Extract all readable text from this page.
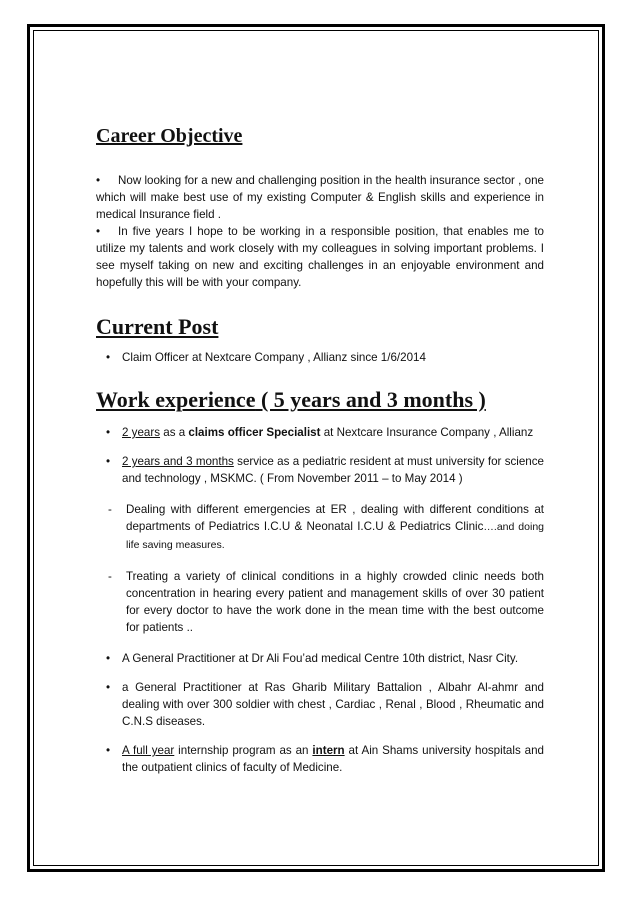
Career Objective

• Now looking for a new and challenging position in the health insurance sector , one which will make best use of my existing Computer & English skills and experience in medical Insurance field .

• In five years I hope to be working in a responsible position, that enables me to utilize my talents and work closely with my colleagues in solving important problems. I see myself taking on new and exciting challenges in an enjoyable environment and hopefully this will be with your company.

Current Post
• Claim Officer at Nextcare Company , Allianz since 1/6/2014
Work experience ( 5 years and 3 months )
• 2 years as a claims officer Specialist at Nextcare Insurance Company , Allianz
• 2 years and 3 months service as a pediatric resident at must university for science and technology , MSKMC. ( From November 2011 – to May 2014 )
- Dealing with different emergencies at ER , dealing with different conditions at departments of Pediatrics I.C.U & Neonatal I.C.U & Pediatrics Clinic….and doing life saving measures.
- Treating a variety of clinical conditions in a highly crowded clinic needs both concentration in hearing every patient and management skills of over 30 patient for every doctor to have the work done in the mean time with the best outcome for patients ..
• A General Practitioner at Dr Ali Fou’ad medical Centre 10th district, Nasr City.
• a General Practitioner at Ras Gharib Military Battalion , Albahr Al-ahmr and dealing with over 300 soldier with chest , Cardiac , Renal , Blood , Rheumatic and C.N.S diseases.
• A full year internship program as an intern at Ain Shams university hospitals and the outpatient clinics of faculty of Medicine.
